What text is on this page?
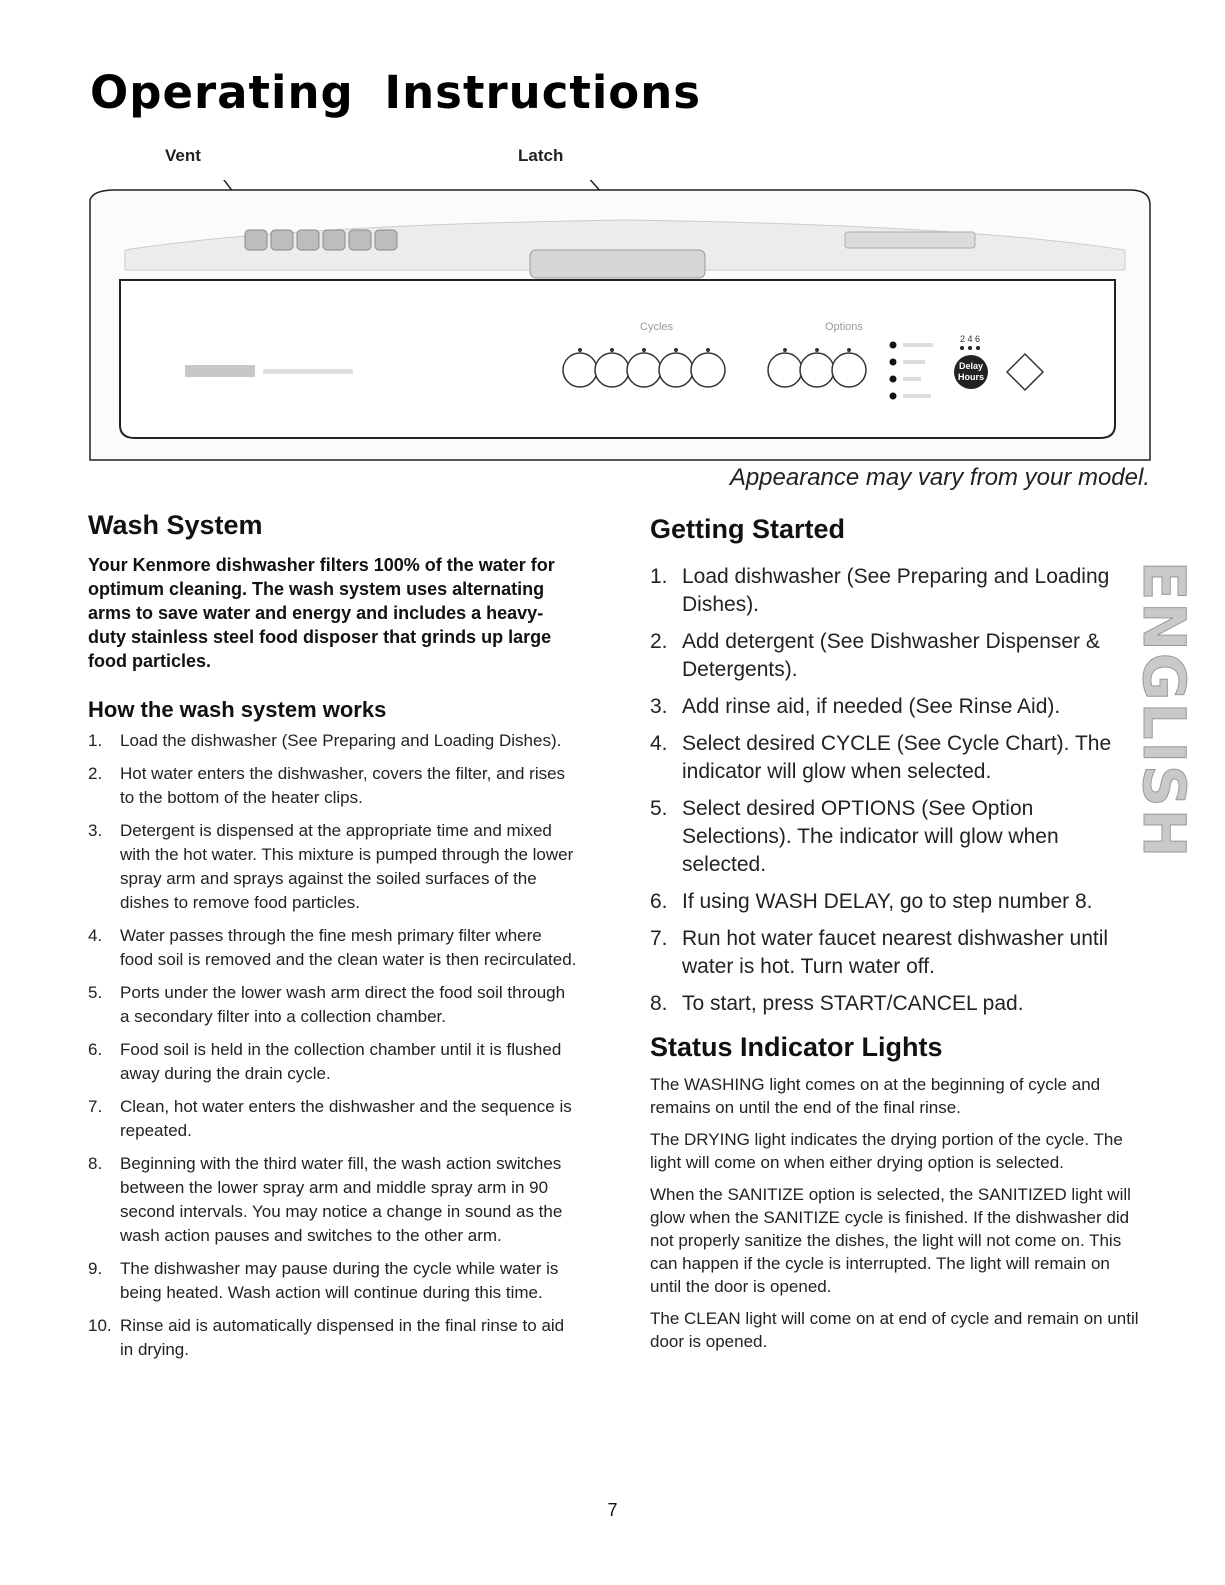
Operating Instructions
Vent	Latch
Cycles	Options
2 4 6
Delay
Hours
Appearance may vary from your model.
Wash System

Your Kenmore dishwasher filters 100% of the water for optimum cleaning. The wash system uses alternating arms to save water and energy and includes a heavy-duty stainless steel food disposer that grinds up large food particles.

How the wash system works
1. Load the dishwasher (See Preparing and Loading Dishes).
2. Hot water enters the dishwasher, covers the filter, and rises to the bottom of the heater clips.
3. Detergent is dispensed at the appropriate time and mixed with the hot water. This mixture is pumped through the lower spray arm and sprays against the soiled surfaces of the dishes to remove food particles.
4. Water passes through the fine mesh primary filter where food soil is removed and the clean water is then recirculated.
5. Ports under the lower wash arm direct the food soil through a secondary filter into a collection chamber.
6. Food soil is held in the collection chamber until it is flushed away during the drain cycle.
7. Clean, hot water enters the dishwasher and the sequence is repeated.
8. Beginning with the third water fill, the wash action switches between the lower spray arm and middle spray arm in 90 second intervals. You may notice a change in sound as the wash action pauses and switches to the other arm.
9. The dishwasher may pause during the cycle while water is being heated. Wash action will continue during this time.
10. Rinse aid is automatically dispensed in the final rinse to aid in drying.
Getting Started
1. Load dishwasher (See Preparing and Loading Dishes).
2. Add detergent (See Dishwasher Dispenser & Detergents).
3. Add rinse aid, if needed (See Rinse Aid).
4. Select desired CYCLE (See Cycle Chart). The indicator will glow when selected.
5. Select desired OPTIONS (See Option Selections). The indicator will glow when selected.
6. If using WASH DELAY, go to step number 8.
7. Run hot water faucet nearest dishwasher until water is hot. Turn water off.
8. To start, press START/CANCEL pad.
Status Indicator Lights

The WASHING light comes on at the beginning of cycle and remains on until the end of the final rinse.

The DRYING light indicates the drying portion of the cycle. The light will come on when either drying option is selected.

When the SANITIZE option is selected, the SANITIZED light will glow when the SANITIZE cycle is finished. If the dishwasher did not properly sanitize the dishes, the light will not come on. This can happen if the cycle is interrupted. The light will remain on until the door is opened.

The CLEAN light will come on at end of cycle and remain on until door is opened.

ENGLISH
7
